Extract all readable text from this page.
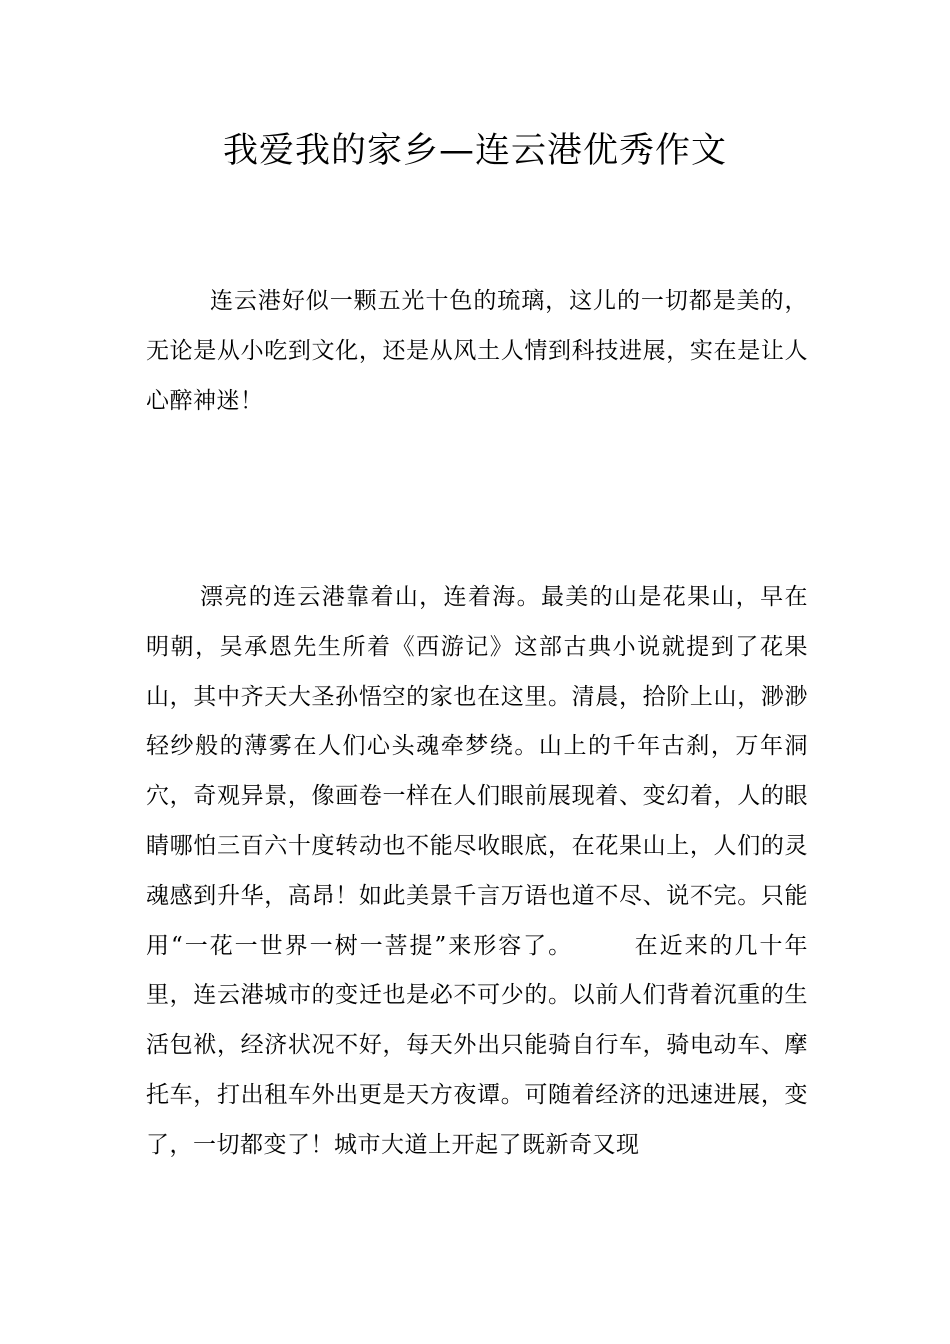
我爱我的家乡—连云港优秀作文

连云港好似一颗五光十色的琉璃，这儿的一切都是美的，无论是从小吃到文化，还是从风土人情到科技进展，实在是让人心醉神迷！

漂亮的连云港靠着山，连着海。最美的山是花果山，早在明朝，吴承恩先生所着《西游记》这部古典小说就提到了花果山，其中齐天大圣孙悟空的家也在这里。清晨，拾阶上山，渺渺轻纱般的薄雾在人们心头魂牵梦绕。山上的千年古刹，万年洞穴，奇观异景，像画卷一样在人们眼前展现着、变幻着，人的眼睛哪怕三百六十度转动也不能尽收眼底，在花果山上，人们的灵魂感到升华，高昂！如此美景千言万语也道不尽、说不完。只能用“一花一世界一树一菩提”来形容了。	在近来的几十年里，连云港城市的变迁也是必不可少的。以前人们背着沉重的生活包袱，经济状况不好，每天外出只能骑自行车，骑电动车、摩托车，打出租车外出更是天方夜谭。可随着经济的迅速进展，变了，一切都变了！城市大道上开起了既新奇又现
